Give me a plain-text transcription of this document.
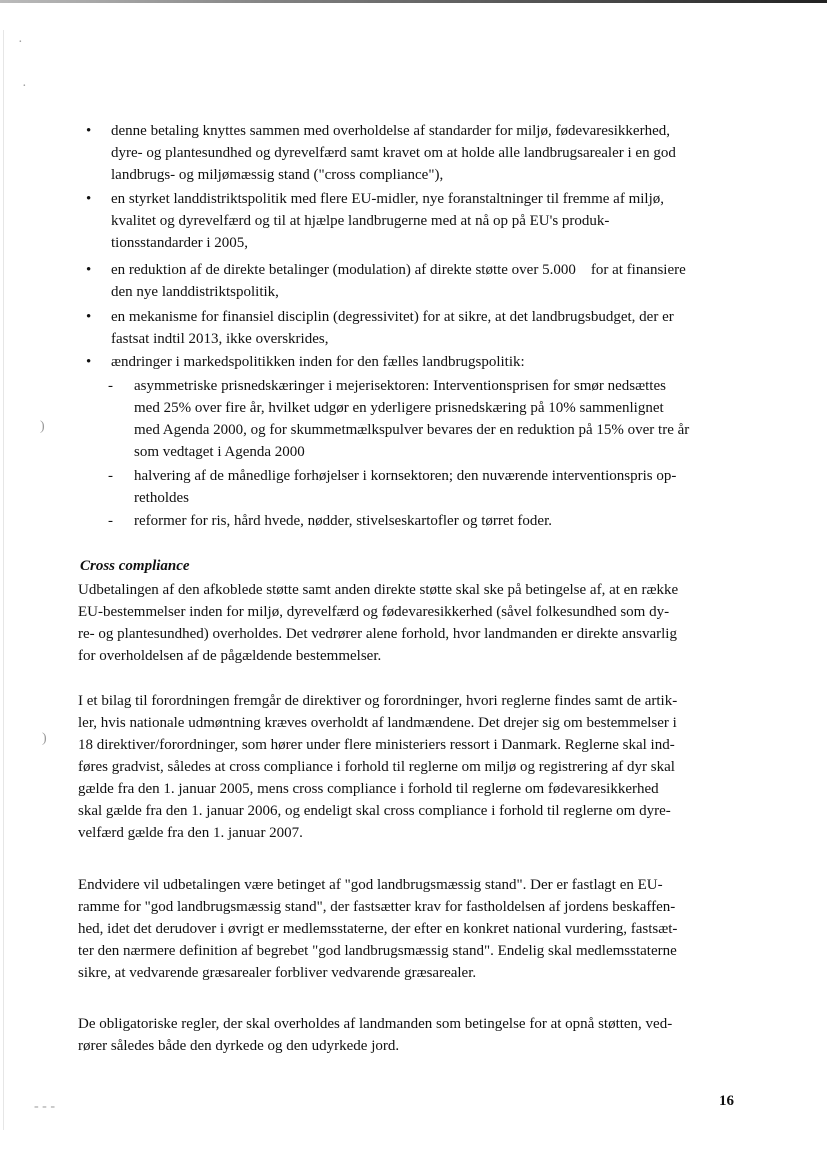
·
·
)
)
- - -
• denne betaling knyttes sammen med overholdelse af standarder for miljø, fødevaresikkerhed,
dyre- og plantesundhed og dyrevelfærd samt kravet om at holde alle landbrugsarealer i en god
landbrugs- og miljømæssig stand ("cross compliance"),
• en styrket landdistriktspolitik med flere EU-midler, nye foranstaltninger til fremme af miljø,
kvalitet og dyrevelfærd og til at hjælpe landbrugerne med at nå op på EU's produk-
tionsstandarder i 2005,
• en reduktion af de direkte betalinger (modulation) af direkte støtte over 5.000    for at finansiere
den nye landdistriktspolitik,
• en mekanisme for finansiel disciplin (degressivitet) for at sikre, at det landbrugsbudget, der er
fastsat indtil 2013, ikke overskrides,
• ændringer i markedspolitikken inden for den fælles landbrugspolitik:
- asymmetriske prisnedskæringer i mejerisektoren: Interventionsprisen for smør nedsættes
med 25% over fire år, hvilket udgør en yderligere prisnedskæring på 10% sammenlignet
med Agenda 2000, og for skummetmælkspulver bevares der en reduktion på 15% over tre år
som vedtaget i Agenda 2000
- halvering af de månedlige forhøjelser i kornsektoren; den nuværende interventionspris op-
retholdes
- reformer for ris, hård hvede, nødder, stivelseskartofler og tørret foder.
Cross compliance
Udbetalingen af den afkoblede støtte samt anden direkte støtte skal ske på betingelse af, at en række
EU-bestemmelser inden for miljø, dyrevelfærd og fødevaresikkerhed (såvel folkesundhed som dy-
re- og plantesundhed) overholdes. Det vedrører alene forhold, hvor landmanden er direkte ansvarlig
for overholdelsen af de pågældende bestemmelser.
I et bilag til forordningen fremgår de direktiver og forordninger, hvori reglerne findes samt de artik-
ler, hvis nationale udmøntning kræves overholdt af landmændene. Det drejer sig om bestemmelser i
18 direktiver/forordninger, som hører under flere ministeriers ressort i Danmark. Reglerne skal ind-
føres gradvist, således at cross compliance i forhold til reglerne om miljø og registrering af dyr skal
gælde fra den 1. januar 2005, mens cross compliance i forhold til reglerne om fødevaresikkerhed
skal gælde fra den 1. januar 2006, og endeligt skal cross compliance i forhold til reglerne om dyre-
velfærd gælde fra den 1. januar 2007.
Endvidere vil udbetalingen være betinget af "god landbrugsmæssig stand". Der er fastlagt en EU-
ramme for "god landbrugsmæssig stand", der fastsætter krav for fastholdelsen af jordens beskaffen-
hed, idet det derudover i øvrigt er medlemsstaterne, der efter en konkret national vurdering, fastsæt-
ter den nærmere definition af begrebet "god landbrugsmæssig stand". Endelig skal medlemsstaterne
sikre, at vedvarende græsarealer forbliver vedvarende græsarealer.
De obligatoriske regler, der skal overholdes af landmanden som betingelse for at opnå støtten, ved-
rører således både den dyrkede og den udyrkede jord.
16
